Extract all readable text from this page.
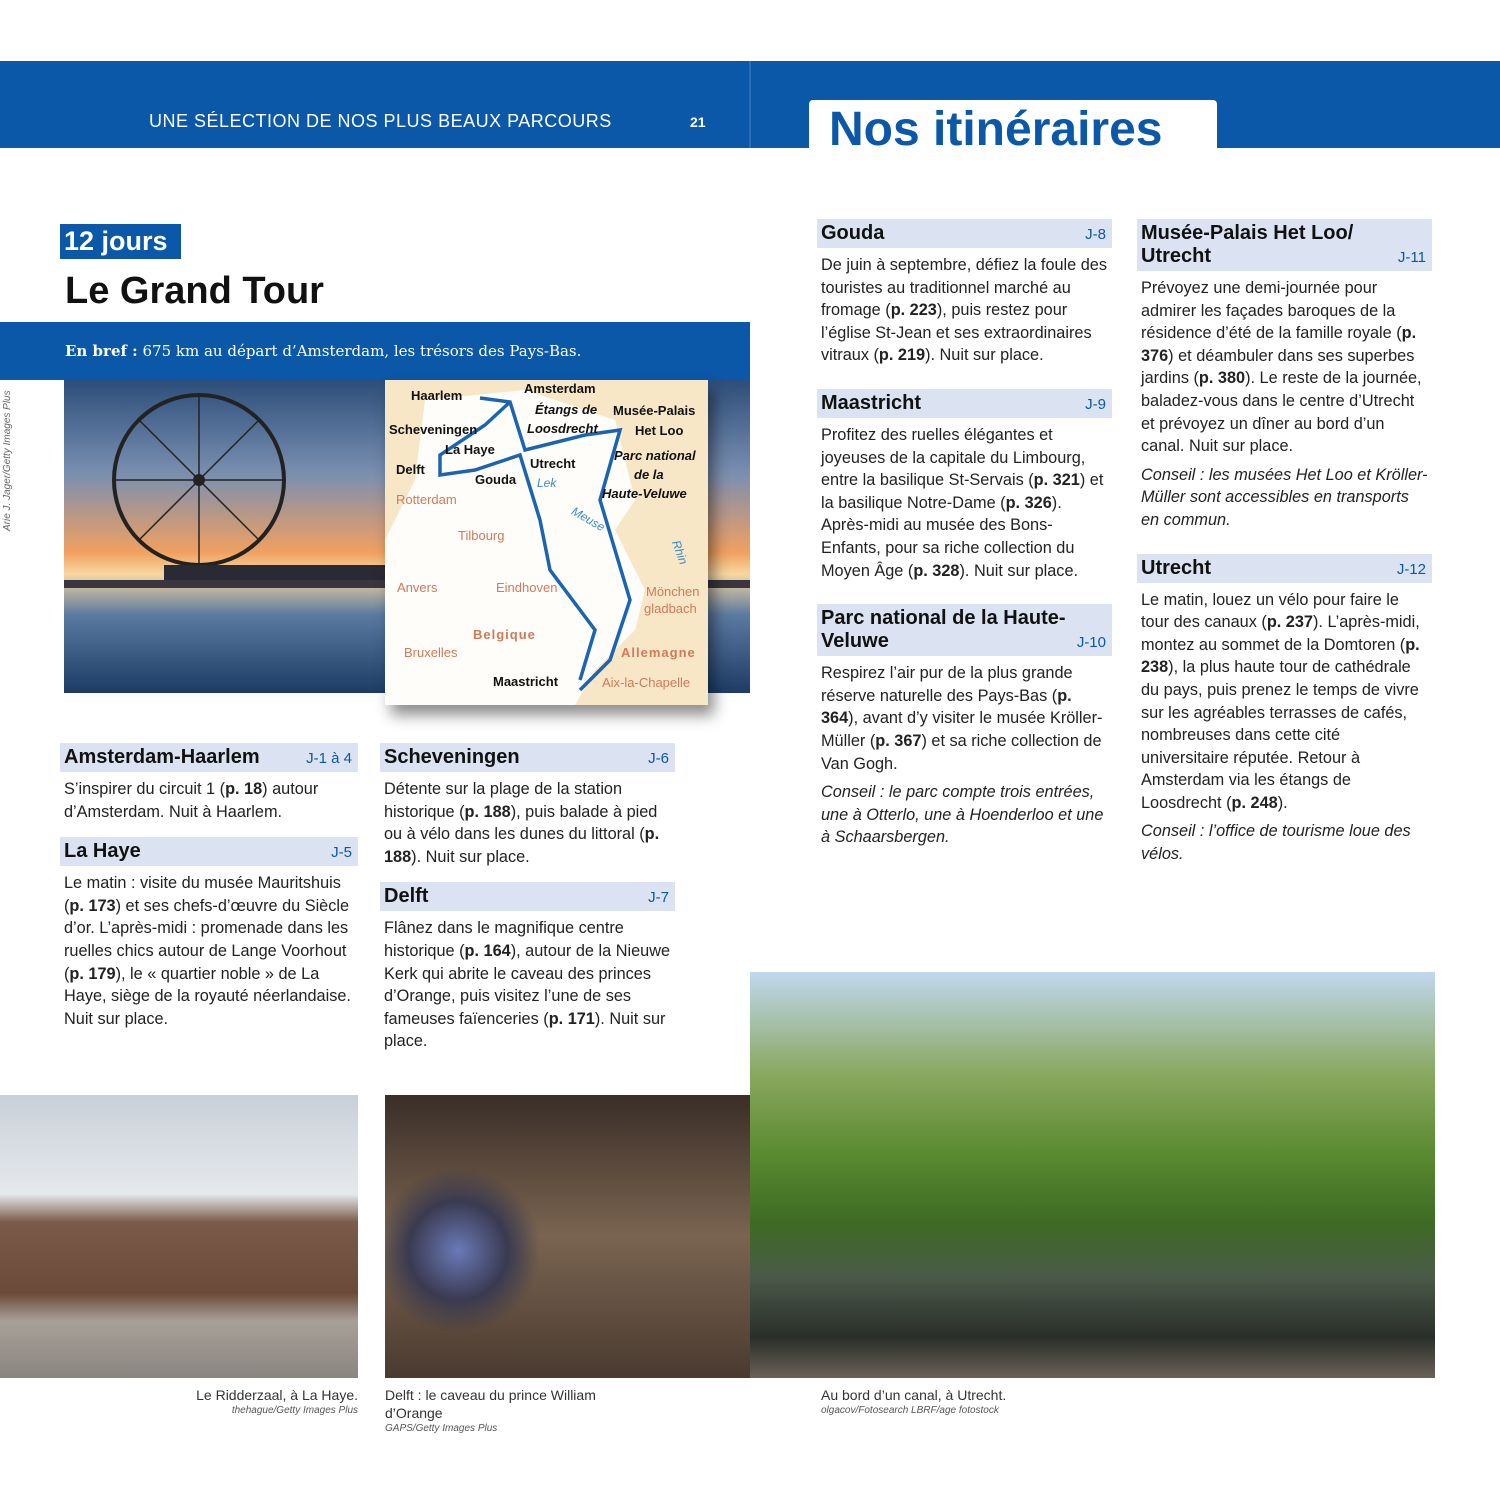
UNE SÉLECTION DE NOS PLUS BEAUX PARCOURS	21	Nos itinéraires
12 jours
Le Grand Tour
En bref : 675 km au départ d’Amsterdam, les trésors des Pays-Bas.
Arie J. Jager/Getty Images Plus	Haarlem	Amsterdam
Étangs de
Loosdrecht
Musée-Palais
Het Loo
Scheveningen
La Haye
Delft	Utrecht
Gouda
Parc national
de la
Haute-Veluwe
Rotterdam
Lek
Meuse
Rhin
Tilbourg
Anvers	Eindhoven	Mönchen
gladbach
Belgique
Bruxelles	Allemagne
Maastricht	Aix-la-Chapelle
Amsterdam-Haarlem	J-1 à 4
S’inspirer du circuit 1 (p. 18) autour d’Amsterdam. Nuit à Haarlem.
La Haye	J-5
Le matin : visite du musée Mauritshuis (p. 173) et ses chefs-d’œuvre du Siècle d’or. L’après-midi : promenade dans les ruelles chics autour de Lange Voorhout (p. 179), le « quartier noble » de La Haye, siège de la royauté néerlandaise. Nuit sur place.
Scheveningen	J-6
Détente sur la plage de la station historique (p. 188), puis balade à pied ou à vélo dans les dunes du littoral (p. 188). Nuit sur place.
Delft	J-7
Flânez dans le magnifique centre historique (p. 164), autour de la Nieuwe Kerk qui abrite le caveau des princes d’Orange, puis visitez l’une de ses fameuses faïenceries (p. 171). Nuit sur place.
Gouda	J-8
De juin à septembre, défiez la foule des touristes au traditionnel marché au fromage (p. 223), puis restez pour l’église St-Jean et ses extraordinaires vitraux (p. 219). Nuit sur place.
Maastricht	J-9
Profitez des ruelles élégantes et joyeuses de la capitale du Limbourg, entre la basilique St-Servais (p. 321) et la basilique Notre-Dame (p. 326). Après-midi au musée des Bons-Enfants, pour sa riche collection du Moyen Âge (p. 328). Nuit sur place.
Parc national de la Haute-Veluwe	J-10
Respirez l’air pur de la plus grande réserve naturelle des Pays-Bas (p. 364), avant d’y visiter le musée Kröller-Müller (p. 367) et sa riche collection de Van Gogh.
Conseil : le parc compte trois entrées, une à Otterlo, une à Hoenderloo et une à Schaarsbergen.
Musée-Palais Het Loo/ Utrecht	J-11
Prévoyez une demi-journée pour admirer les façades baroques de la résidence d’été de la famille royale (p. 376) et déambuler dans ses superbes jardins (p. 380). Le reste de la journée, baladez-vous dans le centre d’Utrecht et prévoyez un dîner au bord d’un canal. Nuit sur place.
Conseil : les musées Het Loo et Kröller-Müller sont accessibles en transports en commun.
Utrecht	J-12
Le matin, louez un vélo pour faire le tour des canaux (p. 237). L’après-midi, montez au sommet de la Domtoren (p. 238), la plus haute tour de cathédrale du pays, puis prenez le temps de vivre sur les agréables terrasses de cafés, nombreuses dans cette cité universitaire réputée. Retour à Amsterdam via les étangs de Loosdrecht (p. 248).
Conseil : l’office de tourisme loue des vélos.
Le Ridderzaal, à La Haye.
thehague/Getty Images Plus
Delft : le caveau du prince William d’Orange
GAPS/Getty Images Plus
Au bord d’un canal, à Utrecht.
olgacov/Fotosearch LBRF/age fotostock
